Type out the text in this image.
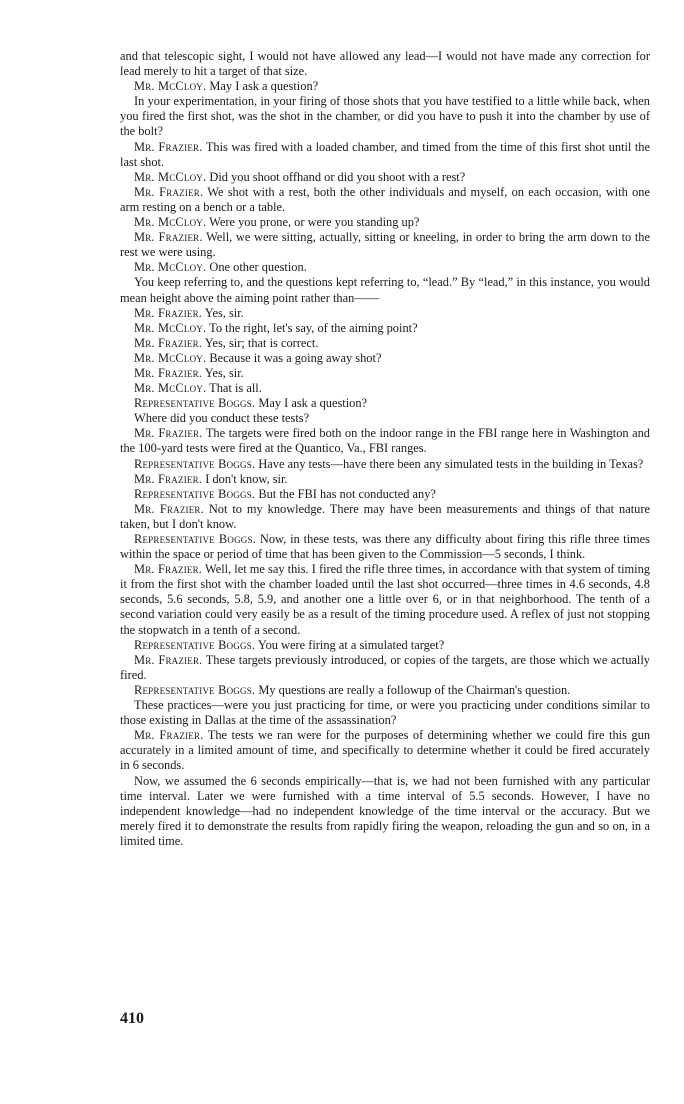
and that telescopic sight, I would not have allowed any lead—I would not have made any correction for lead merely to hit a target of that size.

Mr. McCloy. May I ask a question?

In your experimentation, in your firing of those shots that you have testified to a little while back, when you fired the first shot, was the shot in the chamber, or did you have to push it into the chamber by use of the bolt?

Mr. Frazier. This was fired with a loaded chamber, and timed from the time of this first shot until the last shot.

Mr. McCloy. Did you shoot offhand or did you shoot with a rest?

Mr. Frazier. We shot with a rest, both the other individuals and myself, on each occasion, with one arm resting on a bench or a table.

Mr. McCloy. Were you prone, or were you standing up?

Mr. Frazier. Well, we were sitting, actually, sitting or kneeling, in order to bring the arm down to the rest we were using.

Mr. McCloy. One other question.

You keep referring to, and the questions kept referring to, “lead.” By “lead,” in this instance, you would mean height above the aiming point rather than——

Mr. Frazier. Yes, sir.

Mr. McCloy. To the right, let's say, of the aiming point?

Mr. Frazier. Yes, sir; that is correct.

Mr. McCloy. Because it was a going away shot?

Mr. Frazier. Yes, sir.

Mr. McCloy. That is all.

Representative Boggs. May I ask a question?

Where did you conduct these tests?

Mr. Frazier. The targets were fired both on the indoor range in the FBI range here in Washington and the 100-yard tests were fired at the Quantico, Va., FBI ranges.

Representative Boggs. Have any tests—have there been any simulated tests in the building in Texas?

Mr. Frazier. I don't know, sir.

Representative Boggs. But the FBI has not conducted any?

Mr. Frazier. Not to my knowledge. There may have been measurements and things of that nature taken, but I don't know.

Representative Boggs. Now, in these tests, was there any difficulty about firing this rifle three times within the space or period of time that has been given to the Commission—5 seconds, I think.

Mr. Frazier. Well, let me say this. I fired the rifle three times, in accordance with that system of timing it from the first shot with the chamber loaded until the last shot occurred—three times in 4.6 seconds, 4.8 seconds, 5.6 seconds, 5.8, 5.9, and another one a little over 6, or in that neighborhood. The tenth of a second variation could very easily be as a result of the timing procedure used. A reflex of just not stopping the stopwatch in a tenth of a second.

Representative Boggs. You were firing at a simulated target?

Mr. Frazier. These targets previously introduced, or copies of the targets, are those which we actually fired.

Representative Boggs. My questions are really a followup of the Chairman's question.

These practices—were you just practicing for time, or were you practicing under conditions similar to those existing in Dallas at the time of the assassination?

Mr. Frazier. The tests we ran were for the purposes of determining whether we could fire this gun accurately in a limited amount of time, and specifically to determine whether it could be fired accurately in 6 seconds.

Now, we assumed the 6 seconds empirically—that is, we had not been furnished with any particular time interval. Later we were furnished with a time interval of 5.5 seconds. However, I have no independent knowledge—had no independent knowledge of the time interval or the accuracy. But we merely fired it to demonstrate the results from rapidly firing the weapon, reloading the gun and so on, in a limited time.

410
